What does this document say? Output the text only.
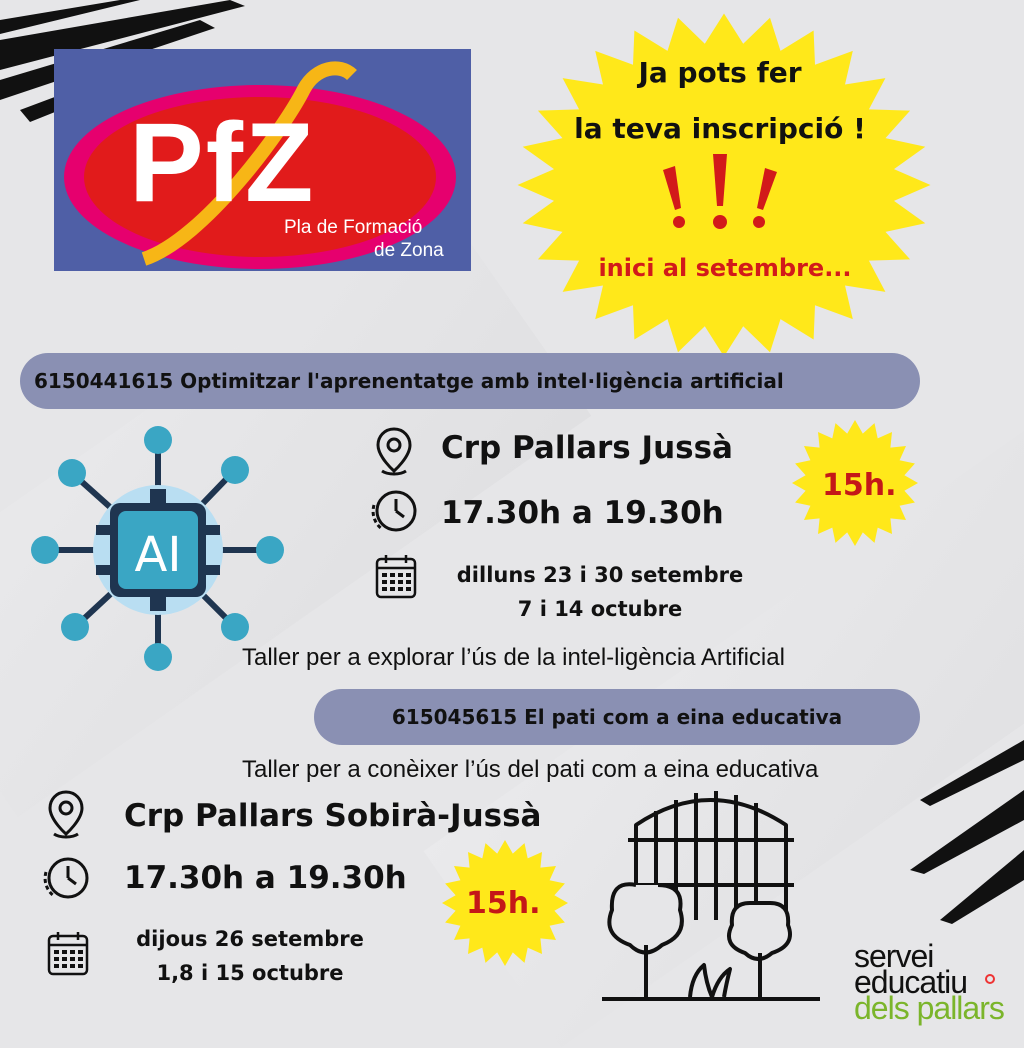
PfZ
Pla de Formació
de Zona
Ja pots fer
la teva inscripció !
inici al setembre...
6150441615 Optimitzar l'aprenentatge amb intel·ligència artificial
AI
Crp Pallars Jussà
17.30h a 19.30h
dilluns 23 i 30 setembre
7 i 14 octubre
15h.
Taller per a explorar l’ús de la intel-ligència Artificial
615045615 El pati com a eina educativa
Taller per a conèixer l’ús del pati com a eina educativa
Crp Pallars Sobirà-Jussà
17.30h a 19.30h
dijous 26 setembre
1,8 i 15 octubre
15h.
servei
educatiu
dels pallars
